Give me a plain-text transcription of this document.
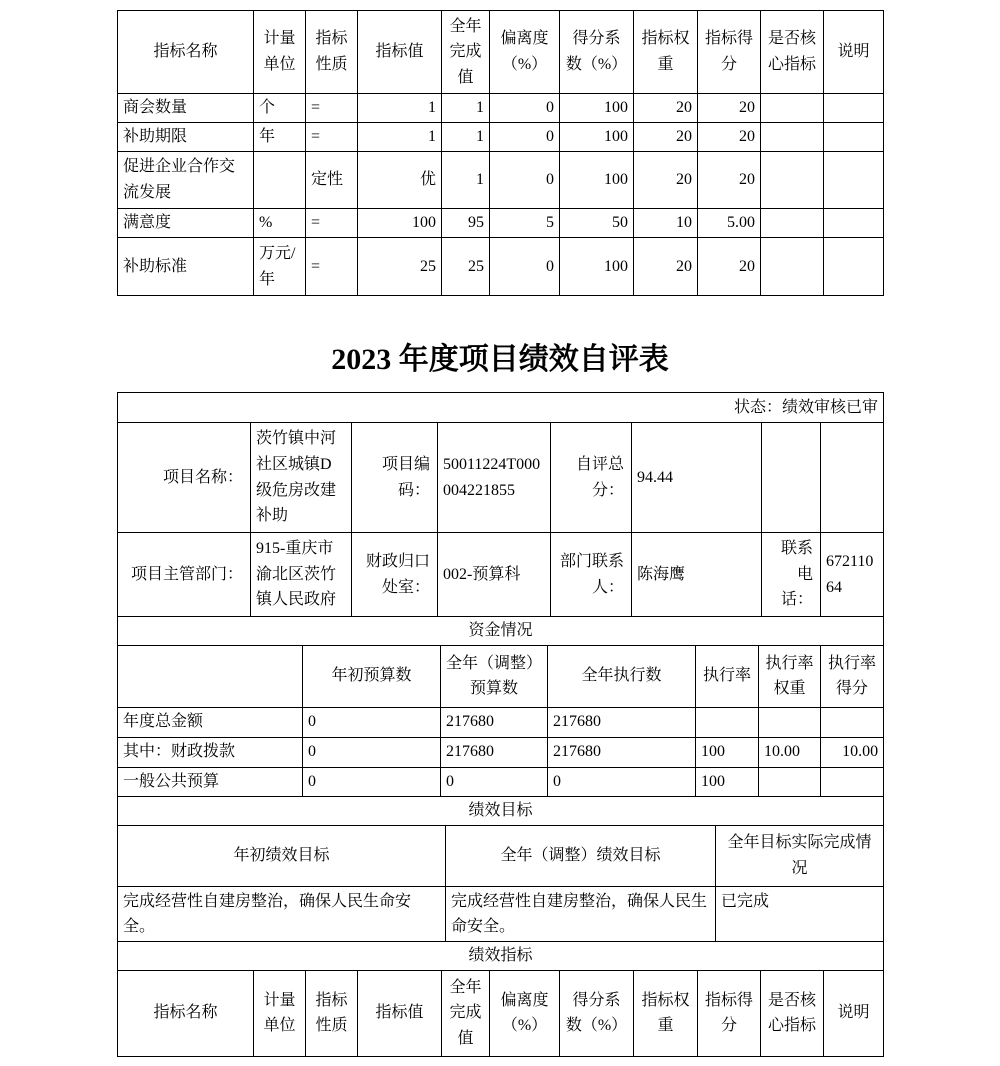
指标名称	计量单位	指标性质	指标值	全年完成值	偏离度（%）	得分系数（%）	指标权重	指标得分	是否核心指标	说明
商会数量	个	=	1	1	0	100	20	20		
补助期限	年	=	1	1	0	100	20	20		
促进企业合作交流发展		定性	优	1	0	100	20	20		
满意度	%	=	100	95	5	50	10	5.00		
补助标准	万元/年	=	25	25	0	100	20	20		
2023 年度项目绩效自评表
状态：绩效审核已审							
项目名称：	茨竹镇中河社区城镇D级危房改建补助	项目编码：	50011224T000004221855	自评总分：	94.44		
项目主管部门：	915-重庆市渝北区茨竹镇人民政府	财政归口处室：	002-预算科	部门联系人：	陈海鹰	联系电话：	67211064
资金情况						
	年初预算数	全年（调整）预算数	全年执行数	执行率	执行率权重	执行率得分
年度总金额	0	217680	217680			
其中：财政拨款	0	217680	217680	100	10.00	10.00
一般公共预算	0	0	0	100		
绩效目标		
年初绩效目标	全年（调整）绩效目标	全年目标实际完成情况
完成经营性自建房整治，确保人民生命安全。	完成经营性自建房整治，确保人民生命安全。	已完成
绩效指标
指标名称	计量单位	指标性质	指标值	全年完成值	偏离度（%）	得分系数（%）	指标权重	指标得分	是否核心指标	说明
